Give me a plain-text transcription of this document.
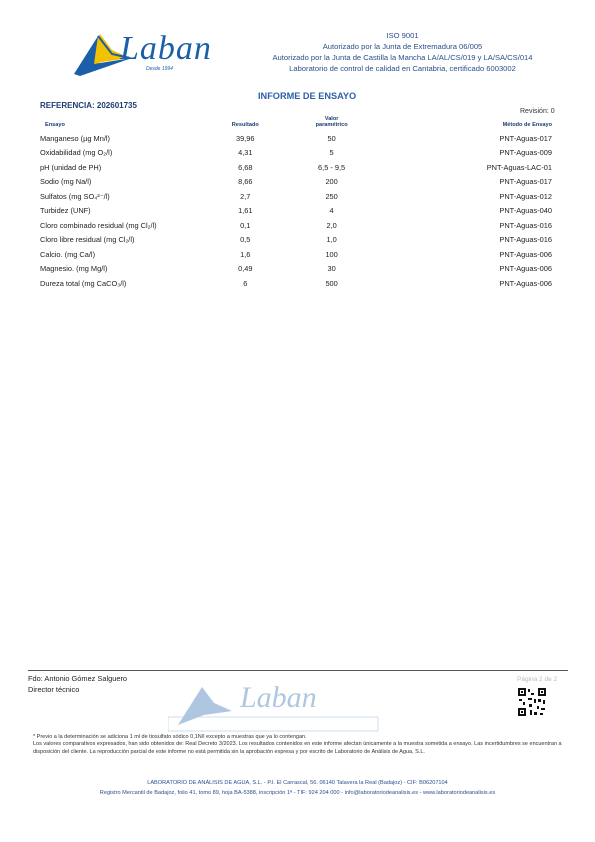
Laban
Desde 1994
ISO 9001
Autorizado por la Junta de Extremadura 06/005
Autorizado por la Junta de Castilla la Mancha LA/AL/CS/019 y LA/SA/CS/014
Laboratorio de control de calidad en Cantabria, certificado 6003002
INFORME DE ENSAYO
REFERENCIA: 202601735
Revisión: 0
Ensayo	Resultado	Valor
paramétrico	Método de Ensayo
Manganeso (µg Mn/l)	39,96	50	PNT-Aguas-017
Oxidabilidad (mg O₂/l)	4,31	5	PNT-Aguas-009
pH (unidad de PH)	6,68	6,5 - 9,5	PNT-Aguas-LAC-01
Sodio (mg Na/l)	8,66	200	PNT-Aguas-017
Sulfatos (mg SO₄²⁻/l)	2,7	250	PNT-Aguas-012
Turbidez (UNF)	1,61	4	PNT-Aguas-040
Cloro combinado residual (mg Cl₂/l)	0,1	2,0	PNT-Aguas-016
Cloro libre residual (mg Cl₂/l)	0,5	1,0	PNT-Aguas-016
Calcio. (mg Ca/l)	1,6	100	PNT-Aguas-006
Magnesio. (mg Mg/l)	0,49	30	PNT-Aguas-006
Dureza total (mg CaCO₃/l)	6	500	PNT-Aguas-006
Fdo: Antonio Gómez Salguero
Director técnico	Laban
Página 2 de 2
* Previo a la determinación se adiciona 1 ml de tiosulfato sódico 0,1N/l excepto a muestras que ya lo contengan.
Los valores comparativos expresados, han sido obtenidos de: Real Decreto 3/2023. Los resultados contenidos en este informe afectan únicamente a la muestra sometida a ensayo. Las incertidumbres se encuentran a disposición del cliente. La reproducción parcial de este informe no está permitida sin la aprobación expresa y por escrito de Laboratorio de Análisis de Agua, S.L.
LABORATORIO DE ANÁLISIS DE AGUA, S.L. - P.I. El Carrascal, 56. 06140 Talavera la Real (Badajoz) - CIF: B06207104
Registro Mercantil de Badajoz, folio 41, tomo 89, hoja BA-5388, inscripción 1ª - TIF: 924 204 000 - info@laboratoriodeanalisis.es - www.laboratoriodeanalisis.es
